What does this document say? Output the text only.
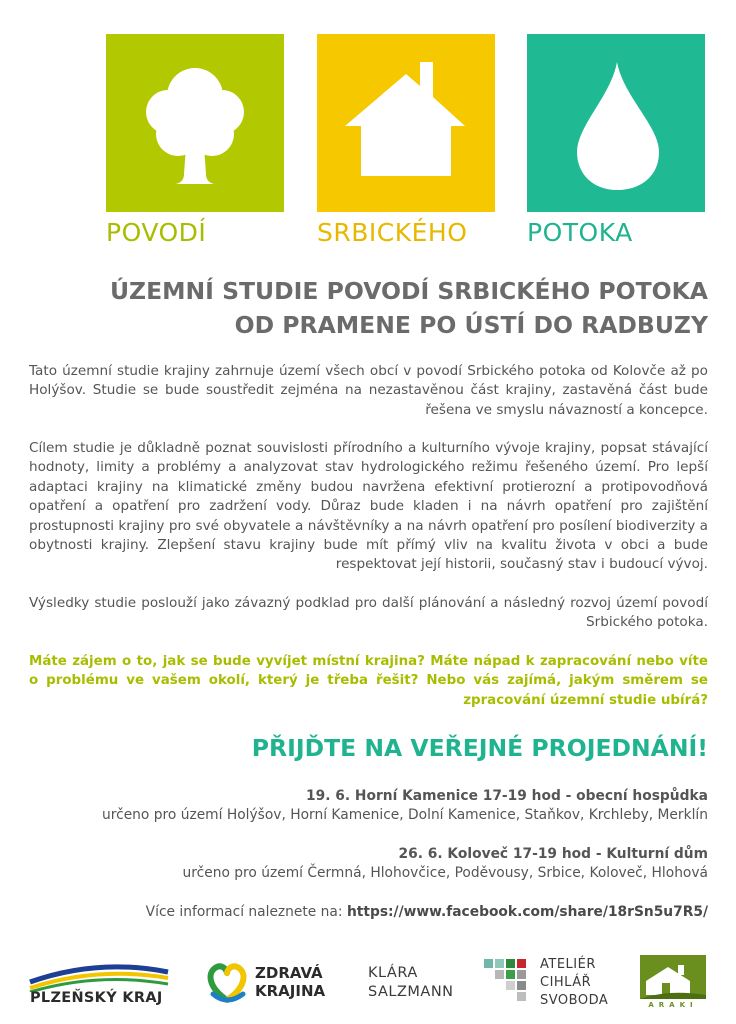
POVODÍ	SRBICKÉHO POTOKA
ÚZEMNÍ STUDIE POVODÍ SRBICKÉHO POTOKA
OD PRAMENE PO ÚSTÍ DO RADBUZY

Tato územní studie krajiny zahrnuje území všech obcí v povodí Srbického potoka od Kolovče až po Holýšov. Studie se bude soustředit zejména na nezastavěnou část krajiny, zastavěná část bude řešena ve smyslu návazností a koncepce.

Cílem studie je důkladně poznat souvislosti přírodního a kulturního vývoje krajiny, popsat stávající hodnoty, limity a problémy a analyzovat stav hydrologického režimu řešeného území. Pro lepší adaptaci krajiny na klimatické změny budou navržena efektivní protierozní a protipovodňová opatření a opatření pro zadržení vody. Důraz bude kladen i na návrh opatření pro zajištění prostupnosti krajiny pro své obyvatele a návštěvníky a na návrh opatření pro posílení biodiverzity a obytnosti krajiny. Zlepšení stavu krajiny bude mít přímý vliv na kvalitu života v obci a bude respektovat její historii, současný stav i budoucí vývoj.

Výsledky studie poslouží jako závazný podklad pro další plánování a následný rozvoj území povodí Srbického potoka.

Máte zájem o to, jak se bude vyvíjet místní krajina? Máte nápad k zapracování nebo víte o problému ve vašem okolí, který je třeba řešit? Nebo vás zajímá, jakým směrem se zpracování územní studie ubírá?

PŘIJĎTE NA VEŘEJNÉ PROJEDNÁNÍ!
19. 6. Horní Kamenice 17-19 hod - obecní hospůdka
určeno pro území Holýšov, Horní Kamenice, Dolní Kamenice, Staňkov, Krchleby, Merklín
26. 6. Koloveč 17-19 hod - Kulturní dům
určeno pro území Čermná, Hlohovčice, Poděvousy, Srbice, Koloveč, Hlohová
Více informací naleznete na: https://www.facebook.com/share/18rSn5u7R5/
PLZEŇSKÝ KRAJ
ZDRAVÁ
KRAJINA
KLÁRA
SALZMANN
ATELIÉR
CIHLÁŘ
SVOBODA	ARAKI
